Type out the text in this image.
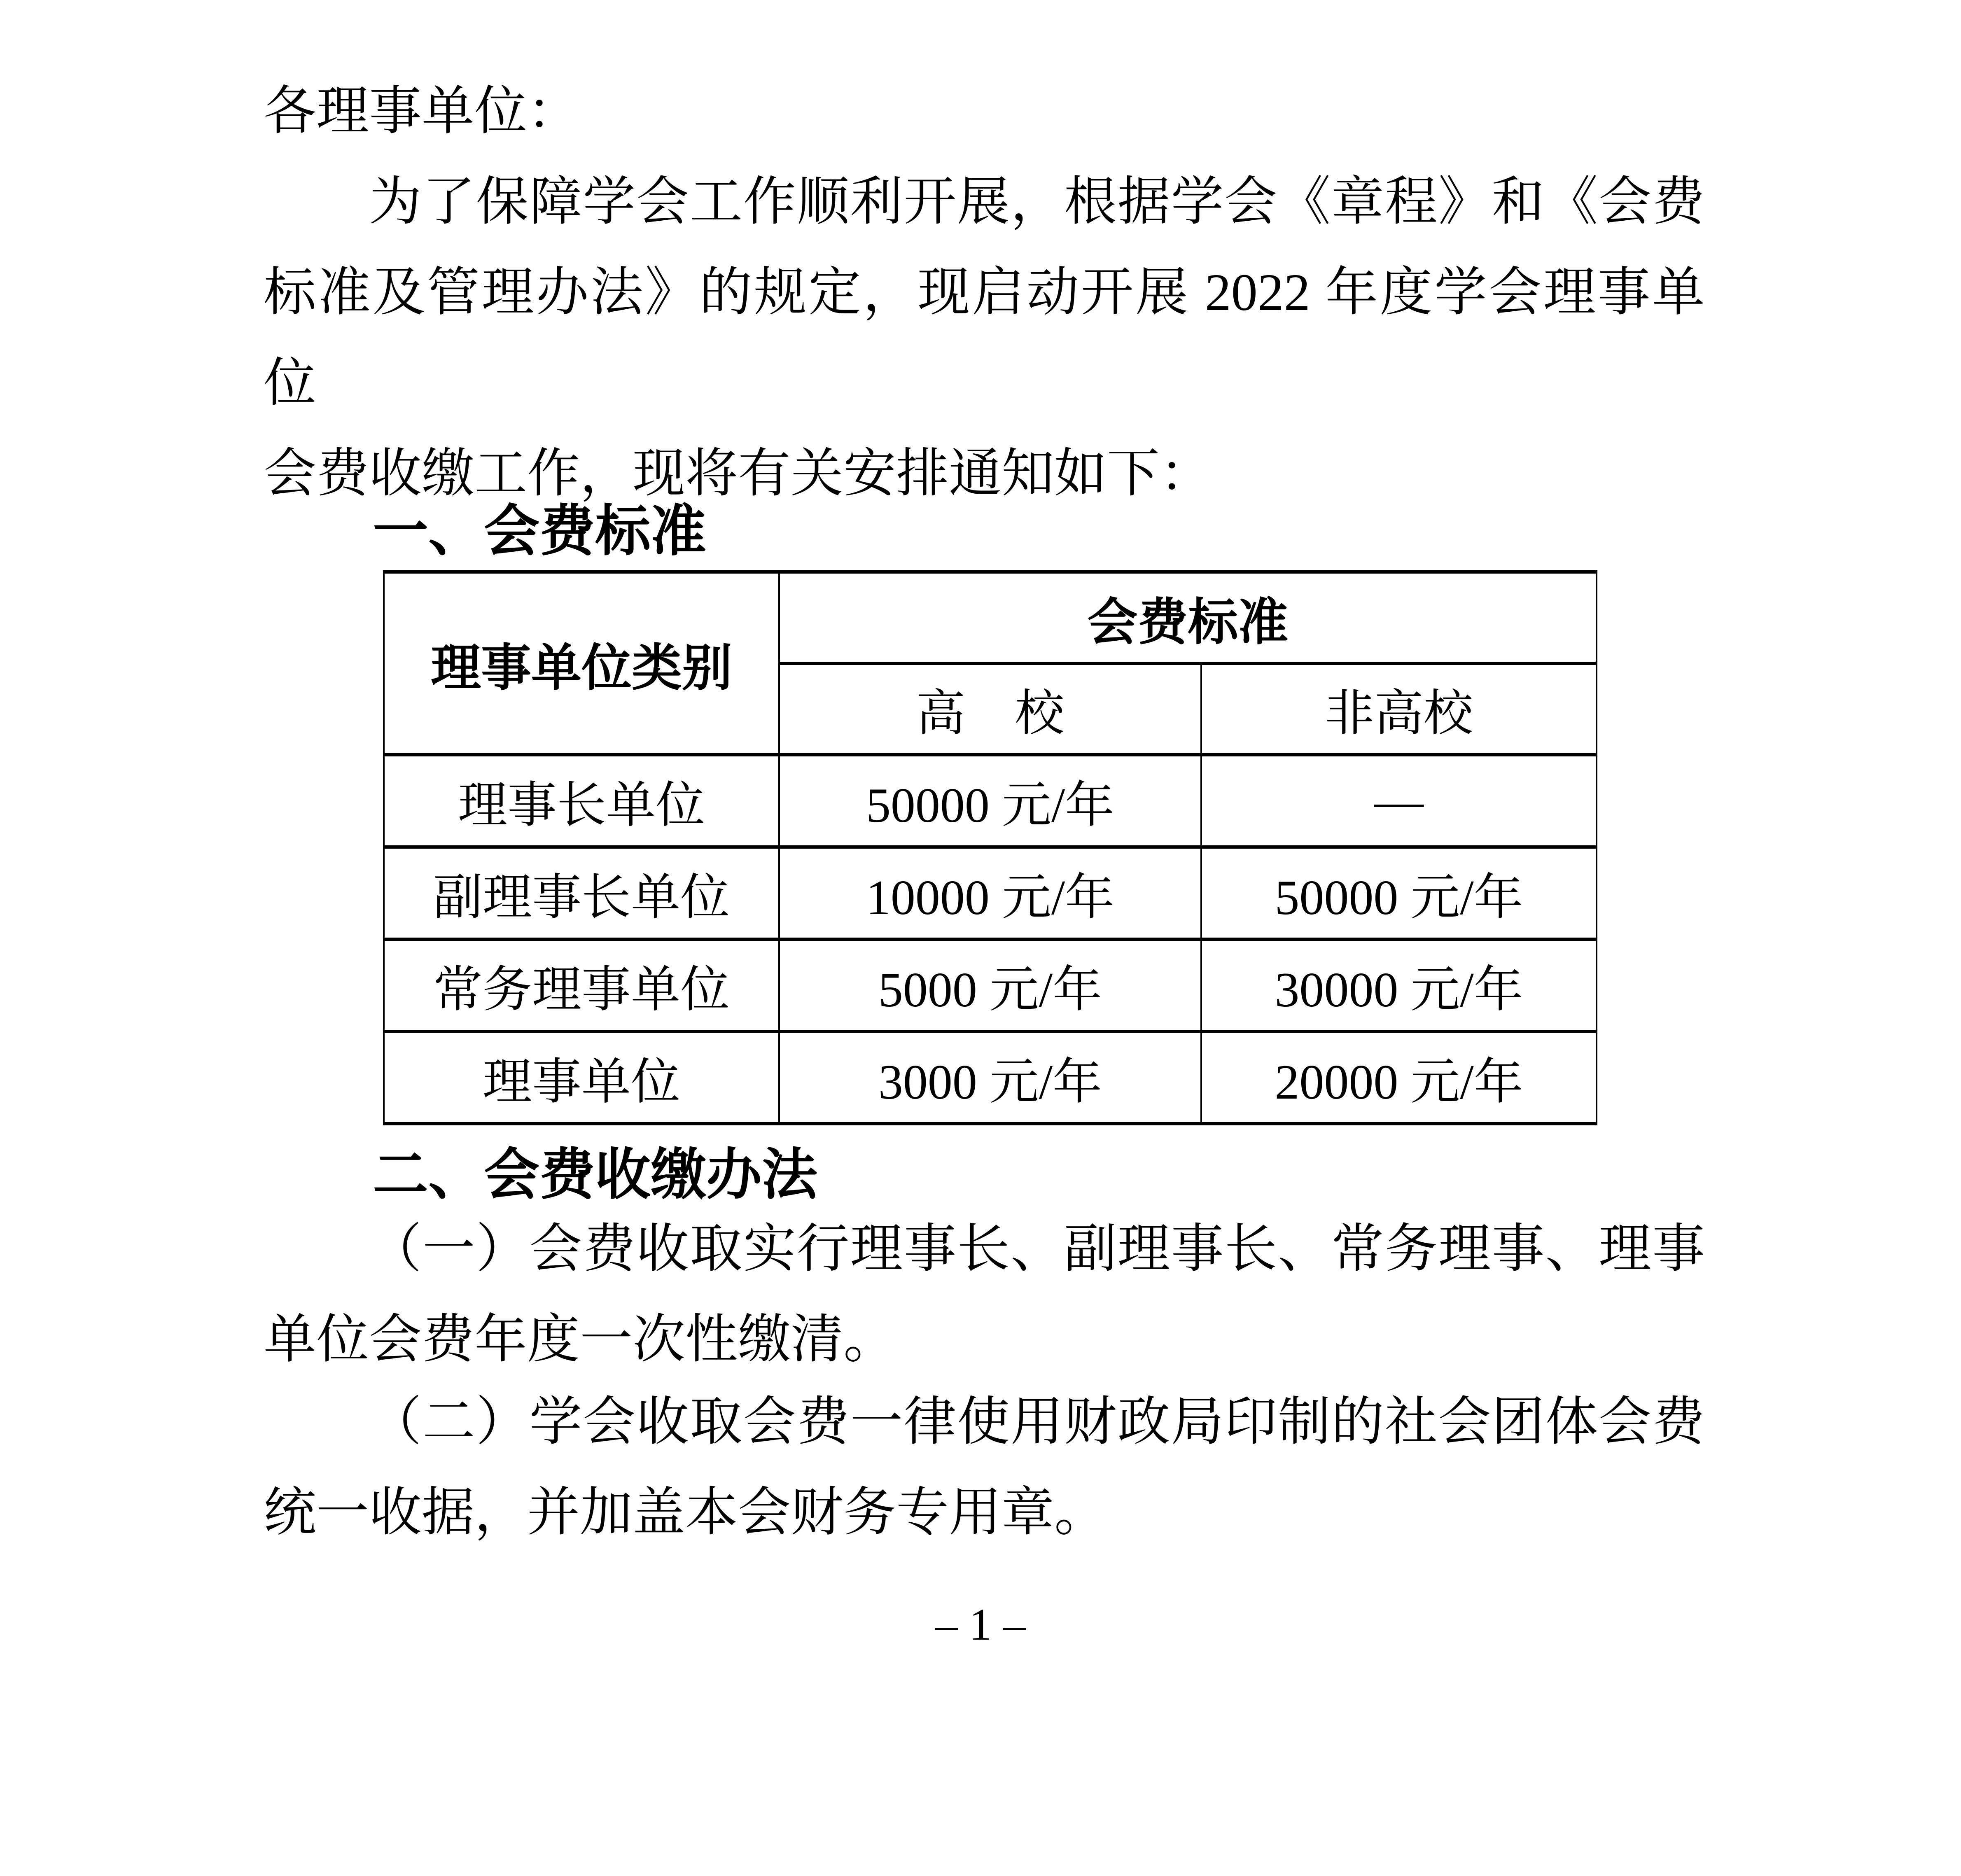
各理事单位：

为了保障学会工作顺利开展，根据学会《章程》和《会费

标准及管理办法》的规定，现启动开展 2022 年度学会理事单位

会费收缴工作，现将有关安排通知如下：

一、会费标准
理事单位类别	会费标准	
	高　校	非高校
理事长单位	50000 元/年	—
副理事长单位	10000 元/年	50000 元/年
常务理事单位	5000 元/年	30000 元/年
理事单位	3000 元/年	20000 元/年
二、会费收缴办法

（一）会费收取实行理事长、副理事长、常务理事、理事

单位会费年度一次性缴清。

（二）学会收取会费一律使用财政局印制的社会团体会费

统一收据，并加盖本会财务专用章。

– 1 –
